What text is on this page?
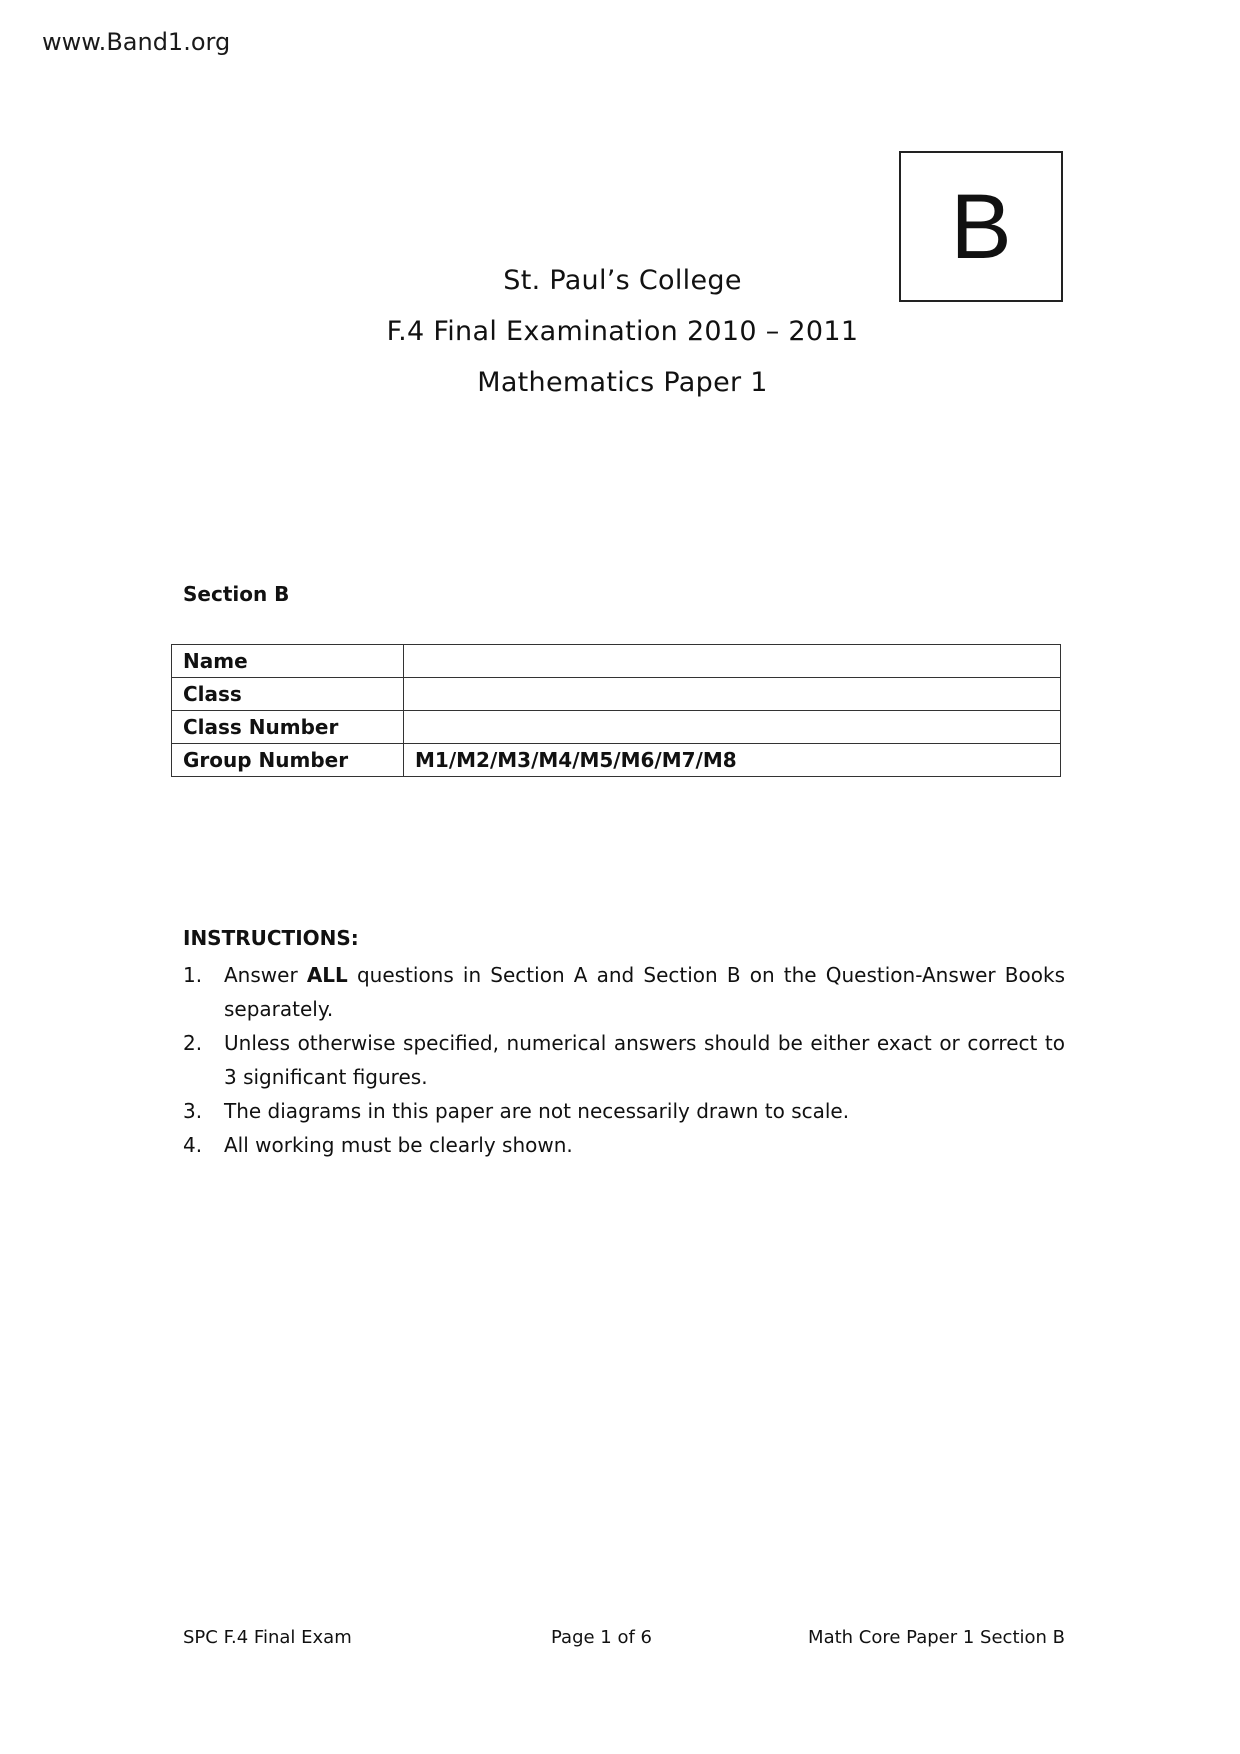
www.Band1.org
B
St. Paul’s College
F.4 Final Examination 2010 – 2011
Mathematics Paper 1
Section B
Name	
Class	
Class Number	
Group Number	M1/M2/M3/M4/M5/M6/M7/M8
INSTRUCTIONS:
1.	Answer ALL questions in Section A and Section B on the Question-Answer Books separately.
2.	Unless otherwise specified, numerical answers should be either exact or correct to 3 significant figures.
3.	The diagrams in this paper are not necessarily drawn to scale.
4.	All working must be clearly shown.
SPC F.4 Final Exam	Page 1 of 6	Math Core Paper 1 Section B
